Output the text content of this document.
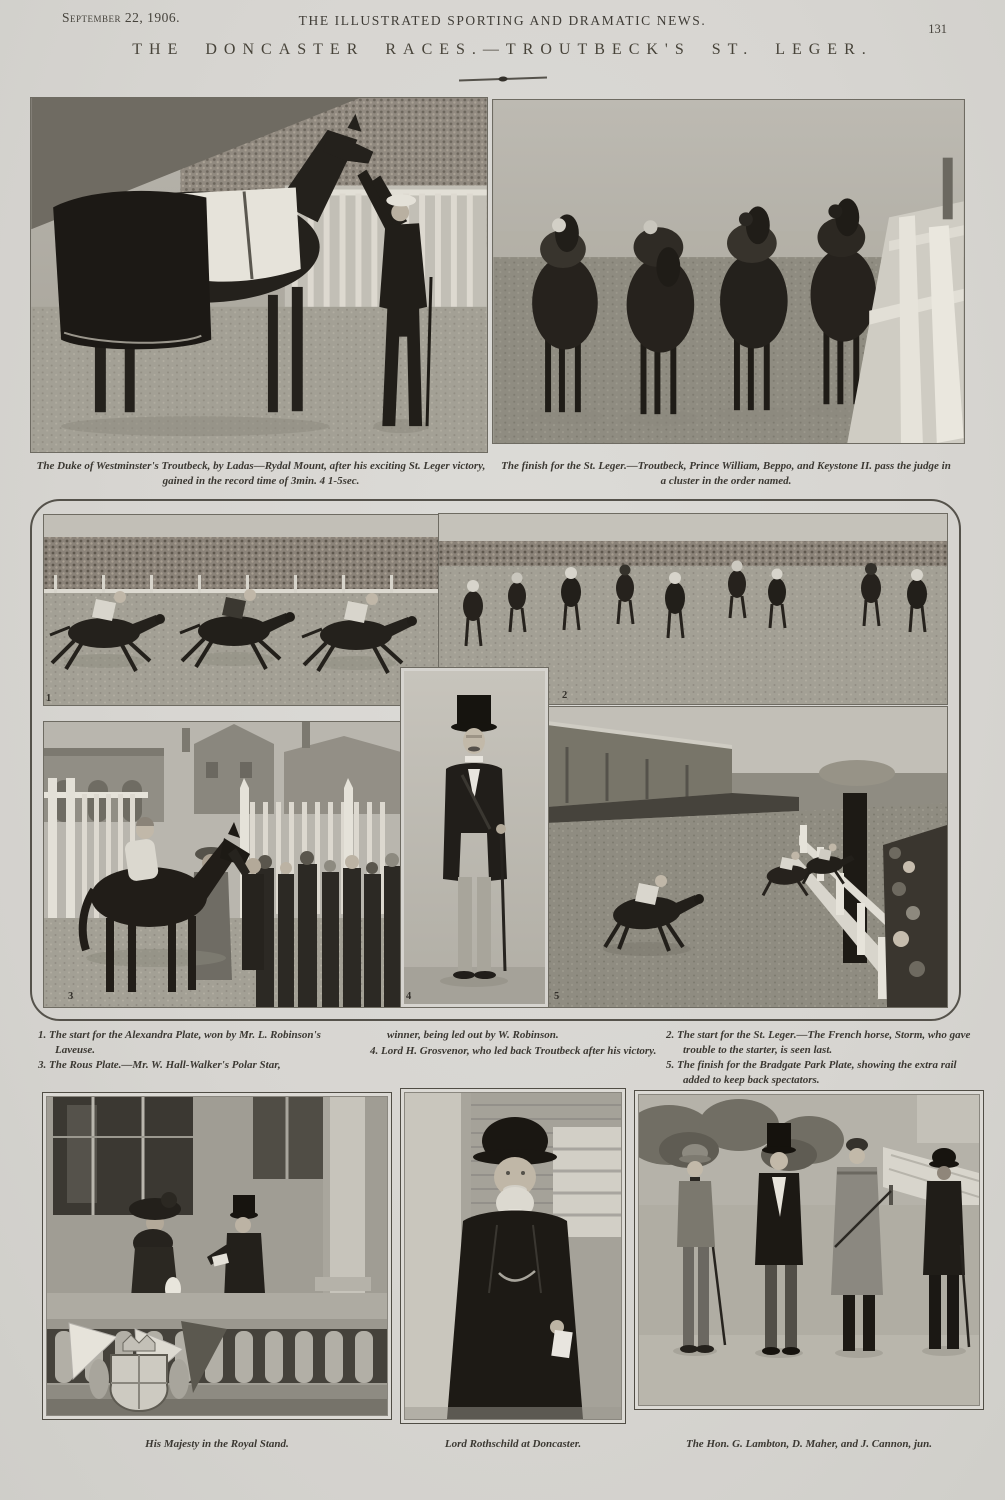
September 22, 1906.	THE ILLUSTRATED SPORTING AND DRAMATIC NEWS.
131
THE DONCASTER RACES.—TROUTBECK'S ST. LEGER.

The Duke of Westminster's Troutbeck, by Ladas—Rydal Mount, after his exciting St. Leger victory, gained in the record time of 3min. 4 1-5sec.

The finish for the St. Leger.—Troutbeck, Prince William, Beppo, and Keystone II. pass the judge in a cluster in the order named.

1	2
3	4	5

1. The start for the Alexandra Plate, won by Mr. L. Robinson's Laveuse.

3. The Rous Plate.—Mr. W. Hall-Walker's Polar Star,

winner, being led out by W. Robinson.

4. Lord H. Grosvenor, who led back Troutbeck after his victory.

2. The start for the St. Leger.—The French horse, Storm, who gave trouble to the starter, is seen last.

5. The finish for the Bradgate Park Plate, showing the extra rail added to keep back spectators.

His Majesty in the Royal Stand.	Lord Rothschild at Doncaster.	The Hon. G. Lambton, D. Maher, and J. Cannon, jun.
